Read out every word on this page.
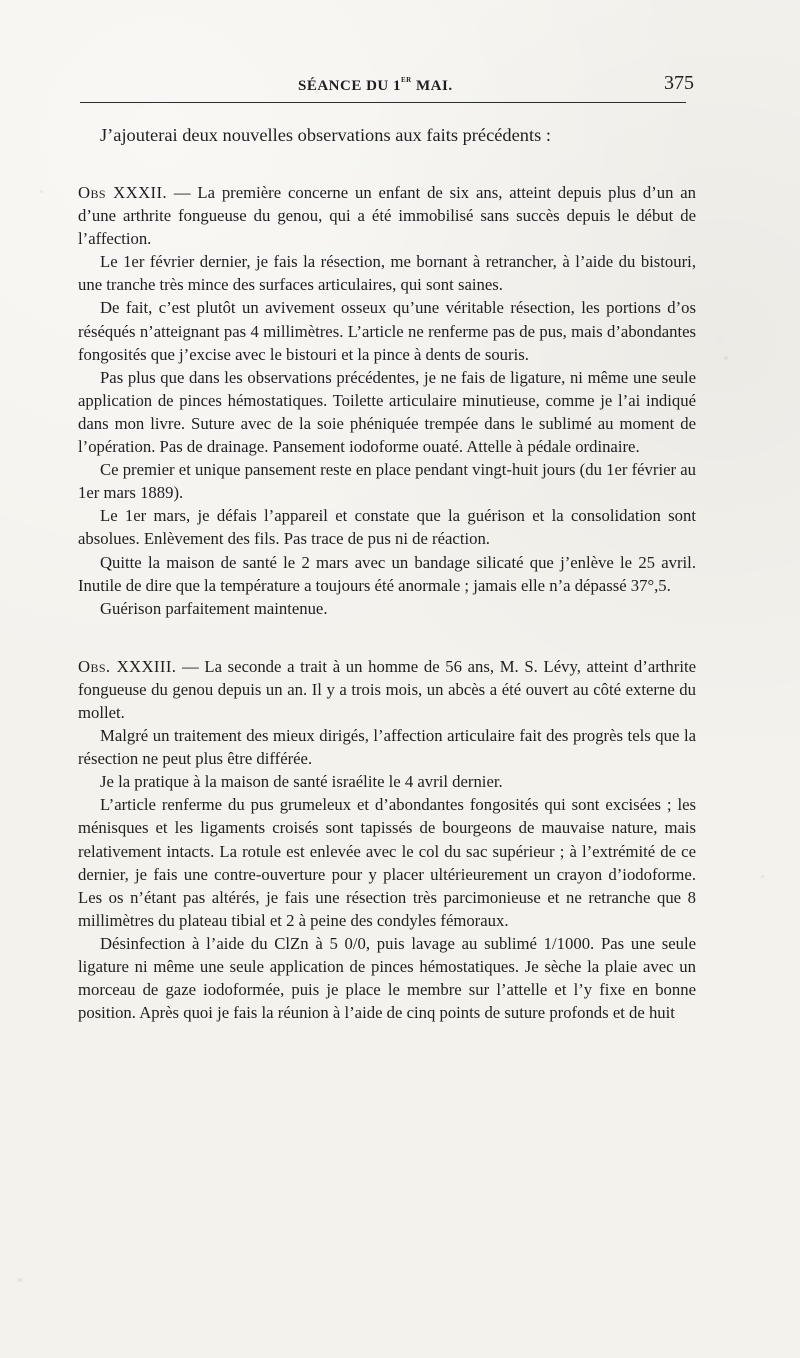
SÉANCE DU 1er MAI.	375

J’ajouterai deux nouvelles observations aux faits précédents :

Obs XXXII. — La première concerne un enfant de six ans, atteint depuis plus d’un an d’une arthrite fongueuse du genou, qui a été immobilisé sans succès depuis le début de l’affection.

Le 1er février dernier, je fais la résection, me bornant à retrancher, à l’aide du bistouri, une tranche très mince des surfaces articulaires, qui sont saines.

De fait, c’est plutôt un avivement osseux qu’une véritable résection, les portions d’os réséqués n’atteignant pas 4 millimètres. L’article ne renferme pas de pus, mais d’abondantes fongosités que j’excise avec le bistouri et la pince à dents de souris.

Pas plus que dans les observations précédentes, je ne fais de ligature, ni même une seule application de pinces hémostatiques. Toilette articulaire minutieuse, comme je l’ai indiqué dans mon livre. Suture avec de la soie phéniquée trempée dans le sublimé au moment de l’opération. Pas de drainage. Pansement iodoforme ouaté. Attelle à pédale ordinaire.

Ce premier et unique pansement reste en place pendant vingt-huit jours (du 1er février au 1er mars 1889).

Le 1er mars, je défais l’appareil et constate que la guérison et la consolidation sont absolues. Enlèvement des fils. Pas trace de pus ni de réaction.

Quitte la maison de santé le 2 mars avec un bandage silicaté que j’enlève le 25 avril. Inutile de dire que la température a toujours été anormale ; jamais elle n’a dépassé 37°,5.

Guérison parfaitement maintenue.

Obs. XXXIII. — La seconde a trait à un homme de 56 ans, M. S. Lévy, atteint d’arthrite fongueuse du genou depuis un an. Il y a trois mois, un abcès a été ouvert au côté externe du mollet.

Malgré un traitement des mieux dirigés, l’affection articulaire fait des progrès tels que la résection ne peut plus être différée.

Je la pratique à la maison de santé israélite le 4 avril dernier.

L’article renferme du pus grumeleux et d’abondantes fongosités qui sont excisées ; les ménisques et les ligaments croisés sont tapissés de bourgeons de mauvaise nature, mais relativement intacts. La rotule est enlevée avec le col du sac supérieur ; à l’extrémité de ce dernier, je fais une contre-ouverture pour y placer ultérieurement un crayon d’iodoforme. Les os n’étant pas altérés, je fais une résection très parcimonieuse et ne retranche que 8 millimètres du plateau tibial et 2 à peine des condyles fémoraux.

Désinfection à l’aide du ClZn à 5 0/0, puis lavage au sublimé 1/1000. Pas une seule ligature ni même une seule application de pinces hémostatiques. Je sèche la plaie avec un morceau de gaze iodoformée, puis je place le membre sur l’attelle et l’y fixe en bonne position. Après quoi je fais la réunion à l’aide de cinq points de suture profonds et de huit
